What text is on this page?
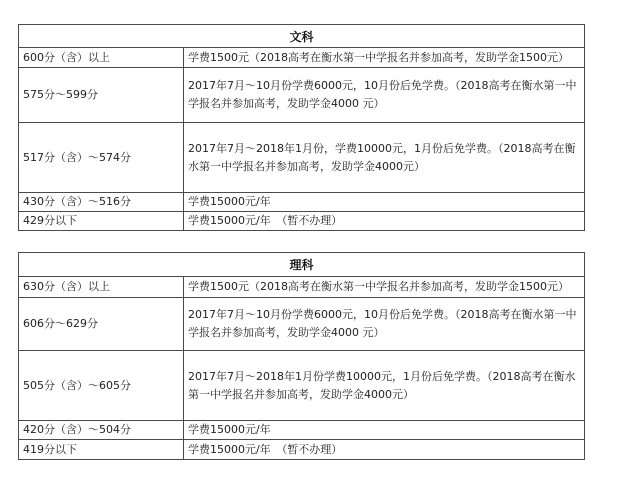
文科	
600分（含）以上	学费1500元（2018高考在衡水第一中学报名并参加高考，发助学金1500元）

575分～599分	2017年7月～10月份学费6000元，10月份后免学费。（2018高考在衡水第一中
学报名并参加高考，发助学金4000 元）

517分（含）～574分	2017年7月～2018年1月份，学费10000元，1月份后免学费。（2018高考在衡
水第一中学报名并参加高考，发助学金4000元）

430分（含）～516分	学费15000元/年

429分以下	学费15000元/年　（暂不办理）
理科	
630分（含）以上	学费1500元（2018高考在衡水第一中学报名并参加高考，发助学金1500元）

606分～629分	2017年7月～10月份学费6000元，10月份后免学费。（2018高考在衡水第一中
学报名并参加高考，发助学金4000 元）

505分（含）～605分	2017年7月～2018年1月份学费10000元，1月份后免学费。（2018高考在衡水
第一中学报名并参加高考，发助学金4000元）

420分（含）～504分	学费15000元/年

419分以下	学费15000元/年　（暂不办理）
